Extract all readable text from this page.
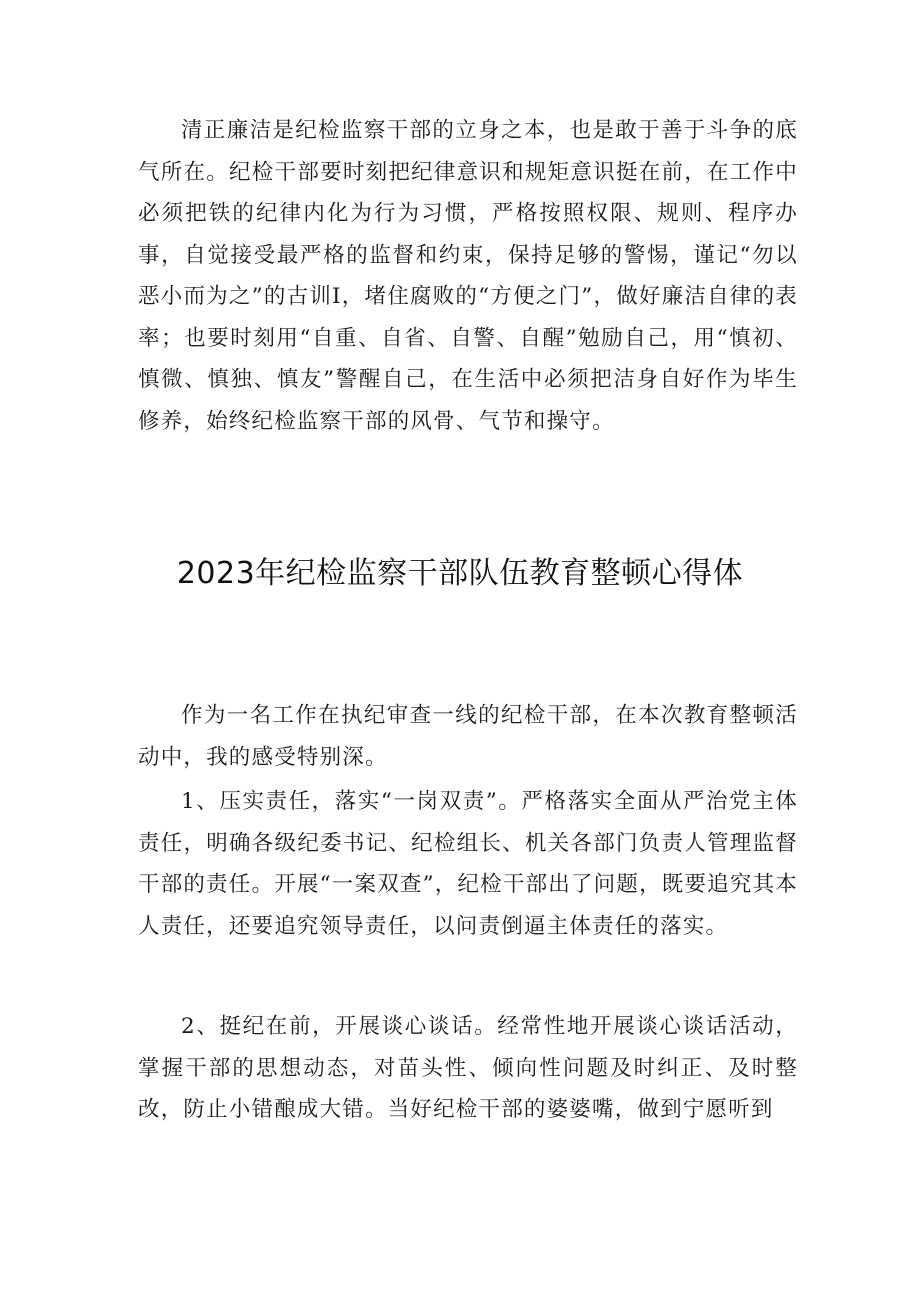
清正廉洁是纪检监察干部的立身之本，也是敢于善于斗争的底气所在。纪检干部要时刻把纪律意识和规矩意识挺在前，在工作中必须把铁的纪律内化为行为习惯，严格按照权限、规则、程序办事，自觉接受最严格的监督和约束，保持足够的警惕，谨记“勿以恶小而为之”的古训I，堵住腐败的“方便之门”，做好廉洁自律的表率；也要时刻用“自重、自省、自警、自醒”勉励自己，用“慎初、慎微、慎独、慎友”警醒自己，在生活中必须把洁身自好作为毕生修养，始终纪检监察干部的风骨、气节和操守。

2023年纪检监察干部队伍教育整顿心得体

作为一名工作在执纪审查一线的纪检干部，在本次教育整顿活动中，我的感受特别深。

1、压实责任，落实“一岗双责”。严格落实全面从严治党主体责任，明确各级纪委书记、纪检组长、机关各部门负责人管理监督干部的责任。开展“一案双查”，纪检干部出了问题，既要追究其本人责任，还要追究领导责任，以问责倒逼主体责任的落实。

2、挺纪在前，开展谈心谈话。经常性地开展谈心谈话活动，掌握干部的思想动态，对苗头性、倾向性问题及时纠正、及时整改，防止小错酿成大错。当好纪检干部的婆婆嘴，做到宁愿听到
